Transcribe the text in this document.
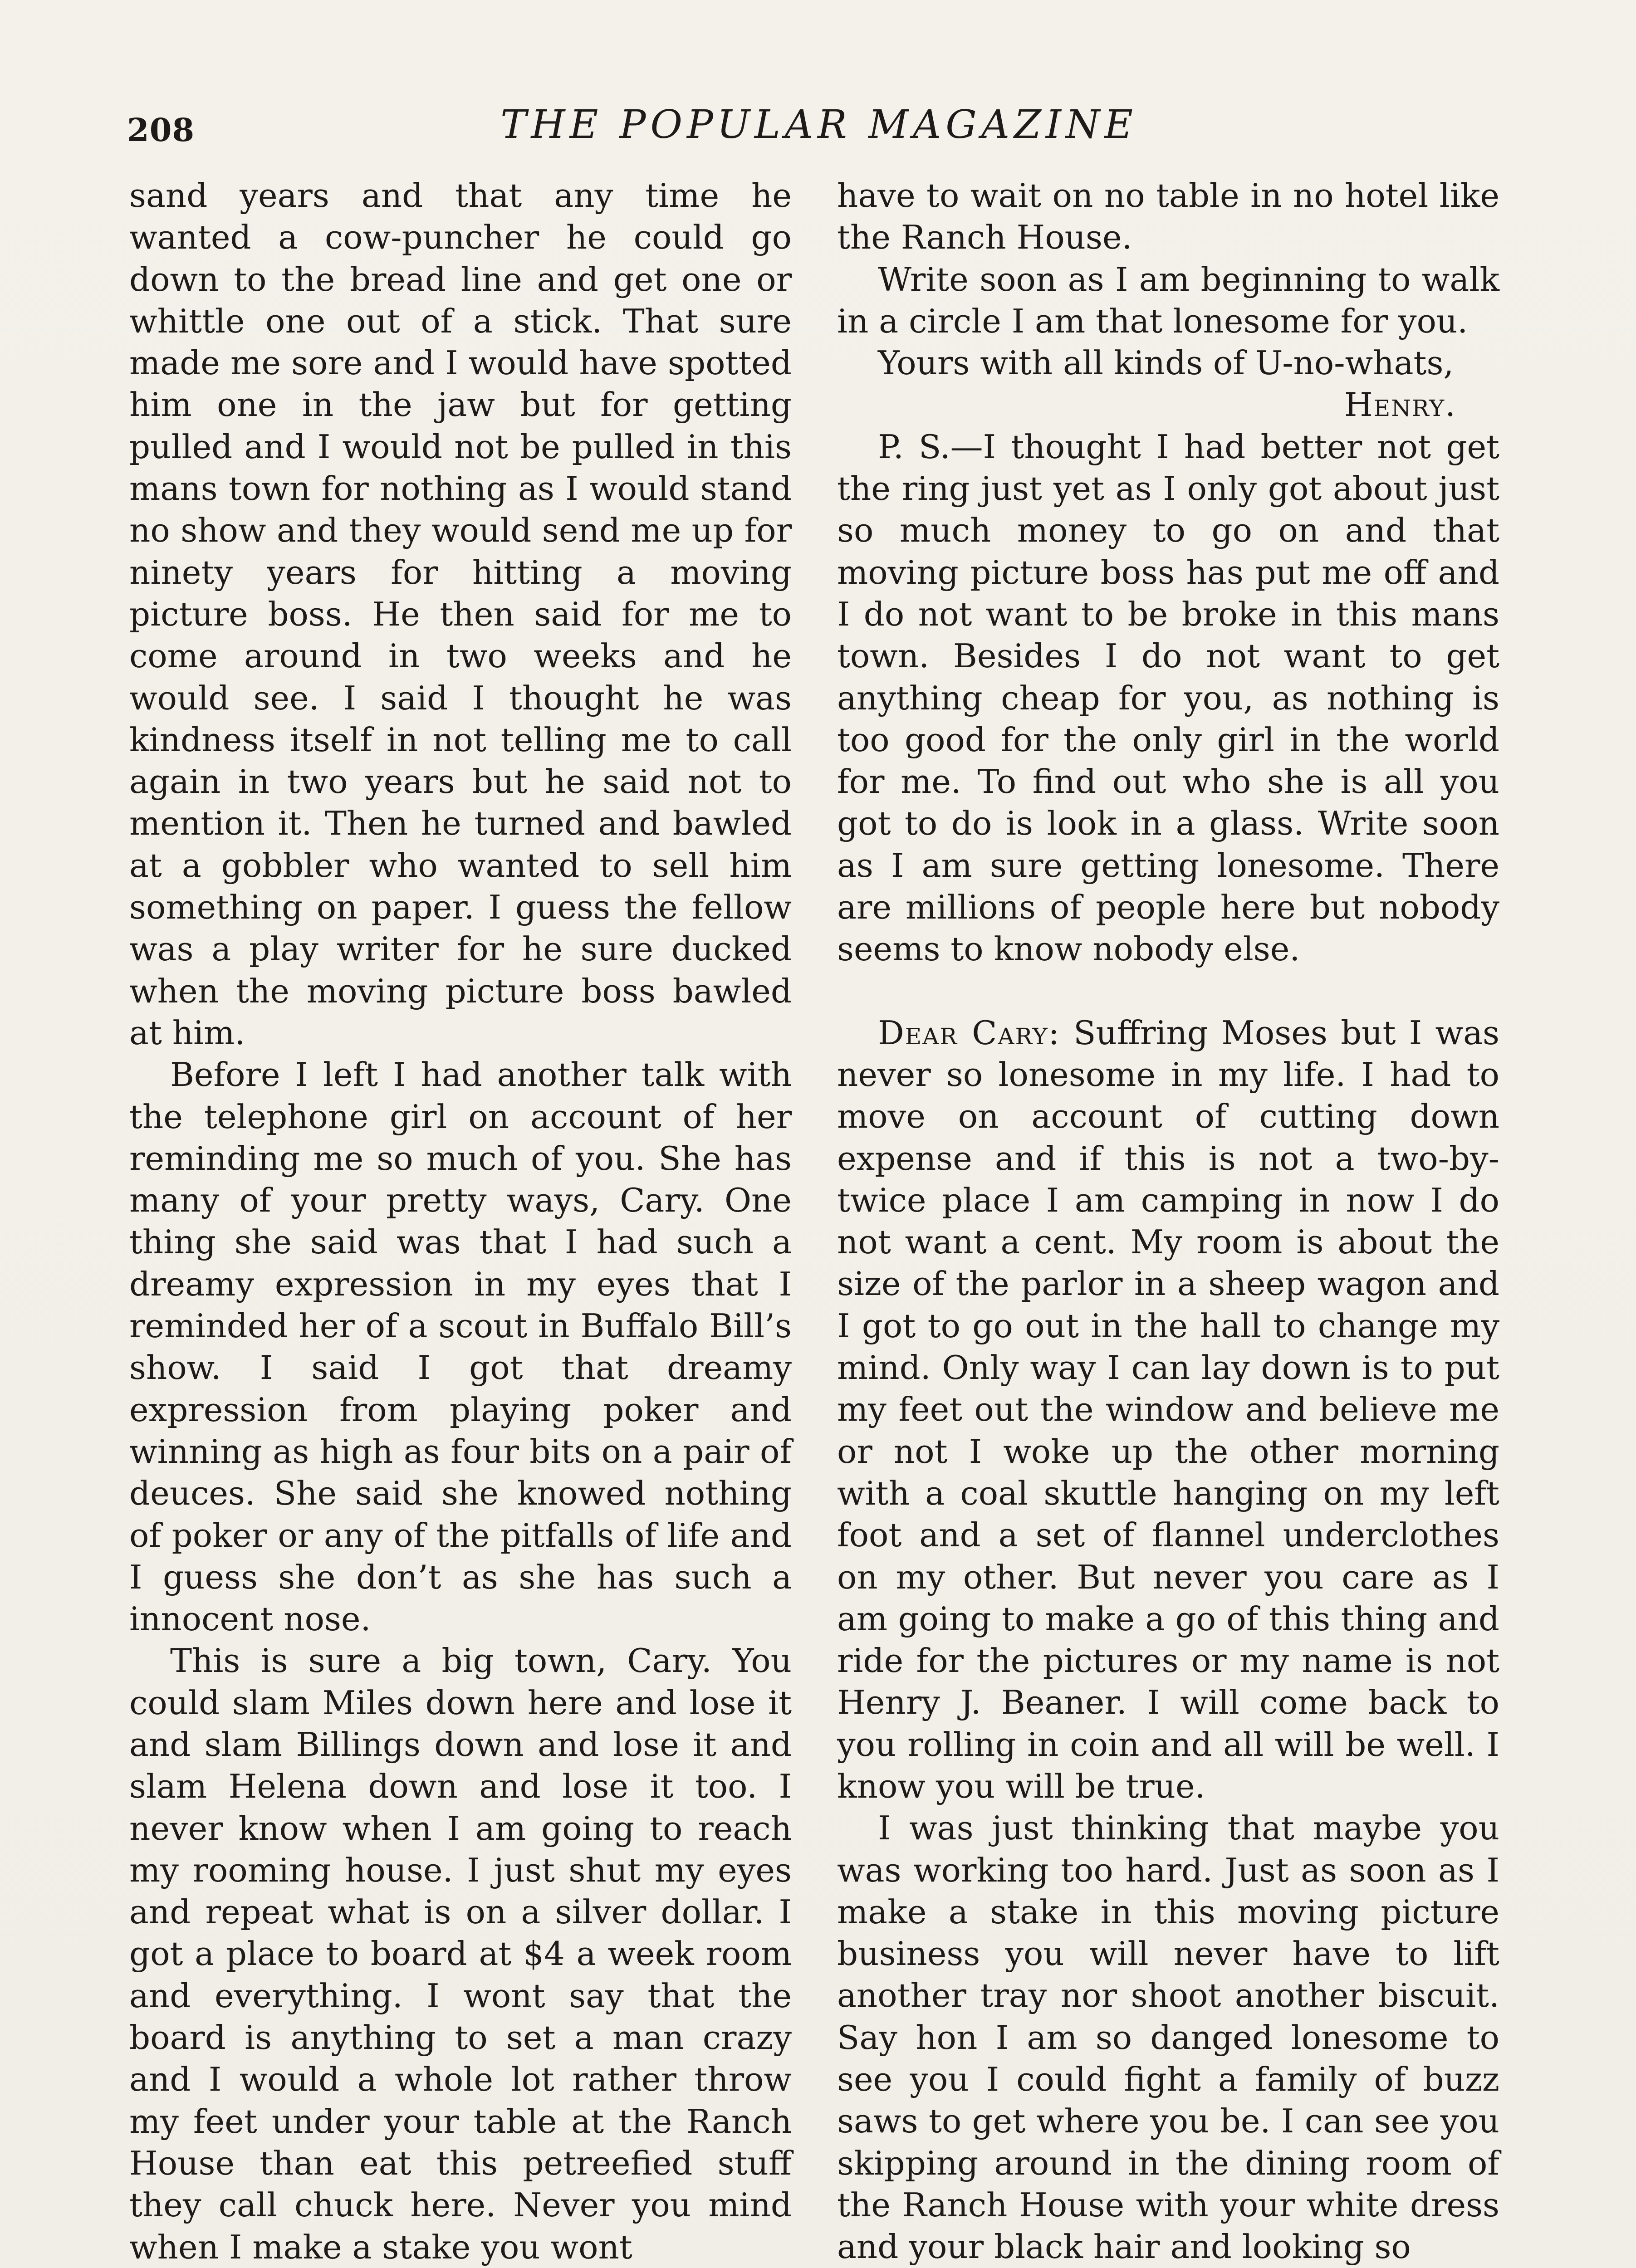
208	THE POPULAR MAGAZINE

sand years and that any time he wanted a cow-puncher he could go down to the bread line and get one or whittle one out of a stick. That sure made me sore and I would have spotted him one in the jaw but for getting pulled and I would not be pulled in this mans town for nothing as I would stand no show and they would send me up for ninety years for hitting a moving picture boss. He then said for me to come around in two weeks and he would see. I said I thought he was kindness itself in not telling me to call again in two years but he said not to mention it. Then he turned and bawled at a gobbler who wanted to sell him something on paper. I guess the fellow was a play writer for he sure ducked when the moving picture boss bawled at him.

Before I left I had another talk with the telephone girl on account of her reminding me so much of you. She has many of your pretty ways, Cary. One thing she said was that I had such a dreamy expression in my eyes that I reminded her of a scout in Buffalo Bill’s show. I said I got that dreamy expression from playing poker and winning as high as four bits on a pair of deuces. She said she knowed nothing of poker or any of the pitfalls of life and I guess she don’t as she has such a innocent nose.

This is sure a big town, Cary. You could slam Miles down here and lose it and slam Billings down and lose it and slam Helena down and lose it too. I never know when I am going to reach my rooming house. I just shut my eyes and repeat what is on a silver dollar. I got a place to board at $4 a week room and everything. I wont say that the board is anything to set a man crazy and I would a whole lot rather throw my feet under your table at the Ranch House than eat this petreefied stuff they call chuck here. Never you mind when I make a stake you wont

have to wait on no table in no hotel like the Ranch House.

Write soon as I am beginning to walk in a circle I am that lonesome for you.

Yours with all kinds of U-no-whats,

Henry.

P. S.—I thought I had better not get the ring just yet as I only got about just so much money to go on and that moving picture boss has put me off and I do not want to be broke in this mans town. Besides I do not want to get anything cheap for you, as nothing is too good for the only girl in the world for me. To find out who she is all you got to do is look in a glass. Write soon as I am sure getting lonesome. There are millions of people here but nobody seems to know nobody else.

Dear Cary: Suffring Moses but I was never so lonesome in my life. I had to move on account of cutting down expense and if this is not a two-by-twice place I am camping in now I do not want a cent. My room is about the size of the parlor in a sheep wagon and I got to go out in the hall to change my mind. Only way I can lay down is to put my feet out the window and believe me or not I woke up the other morning with a coal skuttle hanging on my left foot and a set of flannel underclothes on my other. But never you care as I am going to make a go of this thing and ride for the pictures or my name is not Henry J. Beaner. I will come back to you rolling in coin and all will be well. I know you will be true.

I was just thinking that maybe you was working too hard. Just as soon as I make a stake in this moving picture business you will never have to lift another tray nor shoot another biscuit. Say hon I am so danged lonesome to see you I could fight a family of buzz saws to get where you be. I can see you skipping around in the dining room of the Ranch House with your white dress and your black hair and looking so
